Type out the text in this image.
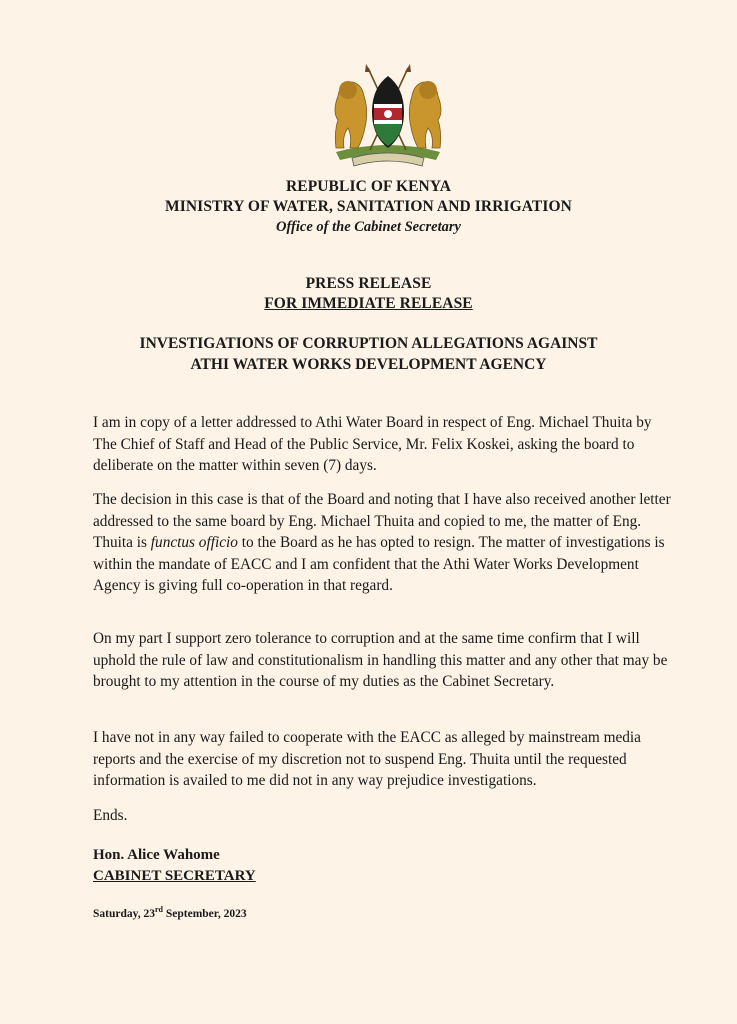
REPUBLIC OF KENYA
MINISTRY OF WATER, SANITATION AND IRRIGATION
Office of the Cabinet Secretary
PRESS RELEASE
FOR IMMEDIATE RELEASE
INVESTIGATIONS OF CORRUPTION ALLEGATIONS AGAINST
ATHI WATER WORKS DEVELOPMENT AGENCY

I am in copy of a letter addressed to Athi Water Board in respect of Eng. Michael Thuita by The Chief of Staff and Head of the Public Service, Mr. Felix Koskei, asking the board to deliberate on the matter within seven (7) days.

The decision in this case is that of the Board and noting that I have also received another letter addressed to the same board by Eng. Michael Thuita and copied to me, the matter of Eng. Thuita is functus officio to the Board as he has opted to resign. The matter of investigations is within the mandate of EACC and I am confident that the Athi Water Works Development Agency is giving full co-operation in that regard.

On my part I support zero tolerance to corruption and at the same time confirm that I will uphold the rule of law and constitutionalism in handling this matter and any other that may be brought to my attention in the course of my duties as the Cabinet Secretary.

I have not in any way failed to cooperate with the EACC as alleged by mainstream media reports and the exercise of my discretion not to suspend Eng. Thuita until the requested information is availed to me did not in any way prejudice investigations.

Ends.

Hon. Alice Wahome
CABINET SECRETARY
Saturday, 23rd September, 2023
